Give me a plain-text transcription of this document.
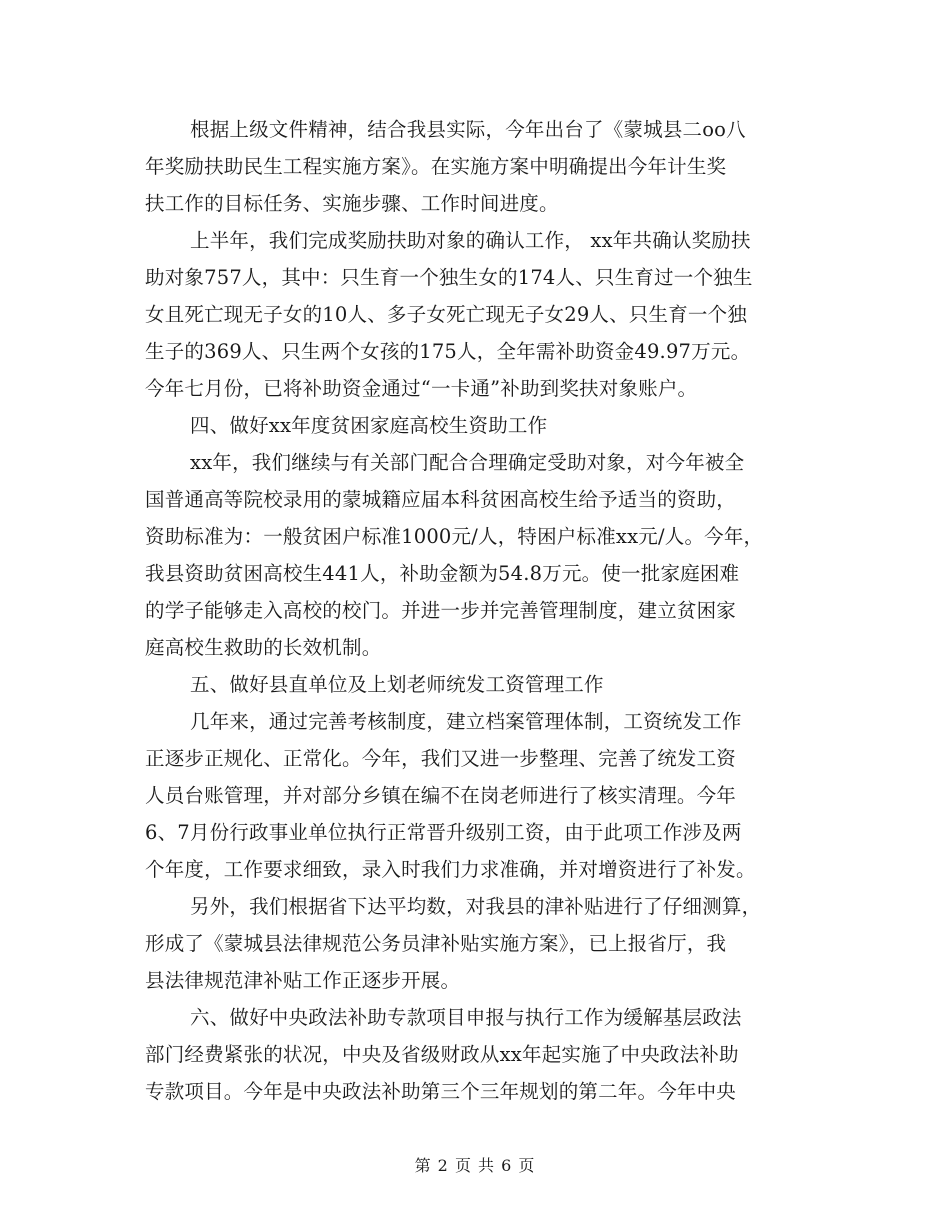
根据上级文件精神，结合我县实际，今年出台了《蒙城县二oo八
年奖励扶助民生工程实施方案》。在实施方案中明确提出今年计生奖
扶工作的目标任务、实施步骤、工作时间进度。
上半年，我们完成奖励扶助对象的确认工作， xx年共确认奖励扶
助对象757人，其中：只生育一个独生女的174人、只生育过一个独生
女且死亡现无子女的10人、多子女死亡现无子女29人、只生育一个独
生子的369人、只生两个女孩的175人，全年需补助资金49.97万元。
今年七月份，已将补助资金通过“一卡通”补助到奖扶对象账户。
四、做好xx年度贫困家庭高校生资助工作
xx年，我们继续与有关部门配合合理确定受助对象，对今年被全
国普通高等院校录用的蒙城籍应届本科贫困高校生给予适当的资助，
资助标准为：一般贫困户标准1000元/人，特困户标准xx元/人。今年，
我县资助贫困高校生441人，补助金额为54.8万元。使一批家庭困难
的学子能够走入高校的校门。并进一步并完善管理制度，建立贫困家
庭高校生救助的长效机制。
五、做好县直单位及上划老师统发工资管理工作
几年来，通过完善考核制度，建立档案管理体制，工资统发工作
正逐步正规化、正常化。今年，我们又进一步整理、完善了统发工资
人员台账管理，并对部分乡镇在编不在岗老师进行了核实清理。今年
6、7月份行政事业单位执行正常晋升级别工资，由于此项工作涉及两
个年度，工作要求细致，录入时我们力求准确，并对增资进行了补发。
另外，我们根据省下达平均数，对我县的津补贴进行了仔细测算，
形成了《蒙城县法律规范公务员津补贴实施方案》，已上报省厅，我
县法律规范津补贴工作正逐步开展。
六、做好中央政法补助专款项目申报与执行工作为缓解基层政法
部门经费紧张的状况，中央及省级财政从xx年起实施了中央政法补助
专款项目。今年是中央政法补助第三个三年规划的第二年。今年中央
第 2 页 共 6 页
